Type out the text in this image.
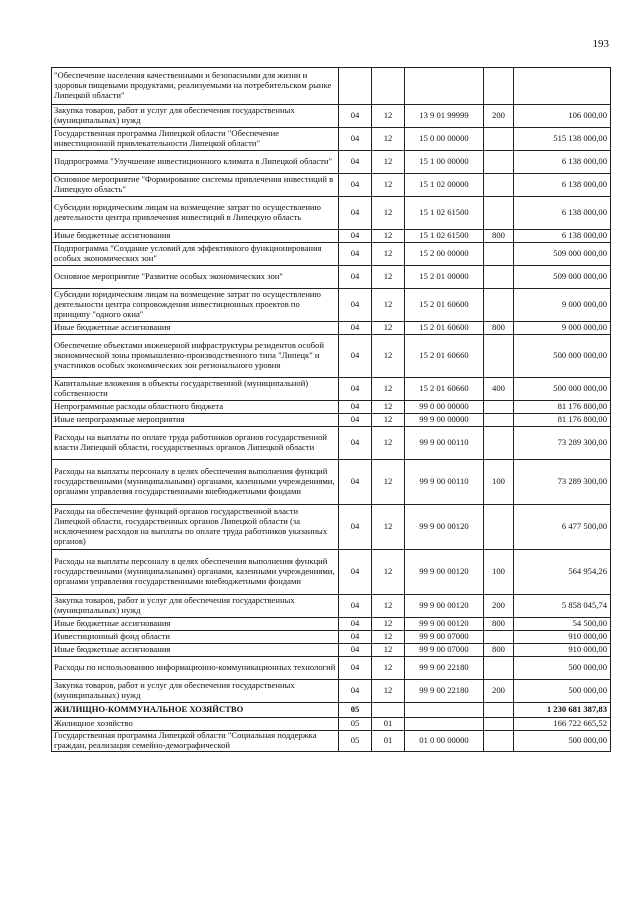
193
"Обеспечение населения качественными и безопасными для жизни и здоровья пищевыми продуктами, реализуемыми на потребительском рынке Липецкой области"					
Закупка товаров, работ и услуг для обеспечения государственных (муниципальных) нужд	04	12	13 9 01 99999	200	106 000,00
Государственная программа Липецкой области "Обеспечение инвестиционной привлекательности Липецкой области"	04	12	15 0 00 00000		515 138 000,00
Подпрограмма "Улучшение инвестиционного климата в Липецкой области"	04	12	15 1 00 00000		6 138 000,00
Основное мероприятие "Формирование системы привлечения инвестиций в Липецкую область"	04	12	15 1 02 00000		6 138 000,00
Субсидии юридическим лицам на возмещение затрат по осуществлению деятельности центра привлечения инвестиций в Липецкую область	04	12	15 1 02 61500		6 138 000,00
Иные бюджетные ассигнования	04	12	15 1 02 61500	800	6 138 000,00
Подпрограмма "Создание условий для эффективного функционирования особых экономических зон"	04	12	15 2 00 00000		509 000 000,00
Основное мероприятие "Развитие особых экономических зон"	04	12	15 2 01 00000		509 000 000,00
Субсидии юридическим лицам на возмещение затрат по осуществлению деятельности центра сопровождения инвестиционных проектов по принципу "одного окна"	04	12	15 2 01 60600		9 000 000,00
Иные бюджетные ассигнования	04	12	15 2 01 60600	800	9 000 000,00
Обеспечение объектами инженерной инфраструктуры резидентов особой экономической зоны промышленно-производственного типа "Липецк" и участников особых экономических зон регионального уровня	04	12	15 2 01 60660		500 000 000,00
Капитальные вложения в объекты государственной (муниципальной) собственности	04	12	15 2 01 60660	400	500 000 000,00
Непрограммные расходы областного бюджета	04	12	99 0 00 00000		81 176 800,00
Иные непрограммные мероприятия	04	12	99 9 00 00000		81 176 800,00
Расходы на выплаты по оплате труда работников органов государственной власти Липецкой области, государственных органов Липецкой области	04	12	99 9 00 00110		73 289 300,00
Расходы на выплаты персоналу в целях обеспечения выполнения функций государственными (муниципальными) органами, казенными учреждениями, органами управления государственными внебюджетными фондами	04	12	99 9 00 00110	100	73 289 300,00
Расходы на обеспечение функций органов государственной власти Липецкой области, государственных органов Липецкой области (за исключением расходов на выплаты по оплате труда работников указанных органов)	04	12	99 9 00 00120		6 477 500,00
Расходы на выплаты персоналу в целях обеспечения выполнения функций государственными (муниципальными) органами, казенными учреждениями, органами управления государственными внебюджетными фондами	04	12	99 9 00 00120	100	564 954,26
Закупка товаров, работ и услуг для обеспечения государственных (муниципальных) нужд	04	12	99 9 00 00120	200	5 858 045,74
Иные бюджетные ассигнования	04	12	99 9 00 00120	800	54 500,00
Инвестиционный фонд области	04	12	99 9 00 07000		910 000,00
Иные бюджетные ассигнования	04	12	99 9 00 07000	800	910 000,00
Расходы по использованию информационно-коммуникационных технологий	04	12	99 9 00 22180		500 000,00
Закупка товаров, работ и услуг для обеспечения государственных (муниципальных) нужд	04	12	99 9 00 22180	200	500 000,00
ЖИЛИЩНО-КОММУНАЛЬНОЕ ХОЗЯЙСТВО	05				1 230 681 387,83
Жилищное хозяйство	05	01			166 722 665,52

Государственная программа Липецкой области "Социальная поддержка граждан, реализация семейно-демографической	05	01	01 0 00 00000		500 000,00
